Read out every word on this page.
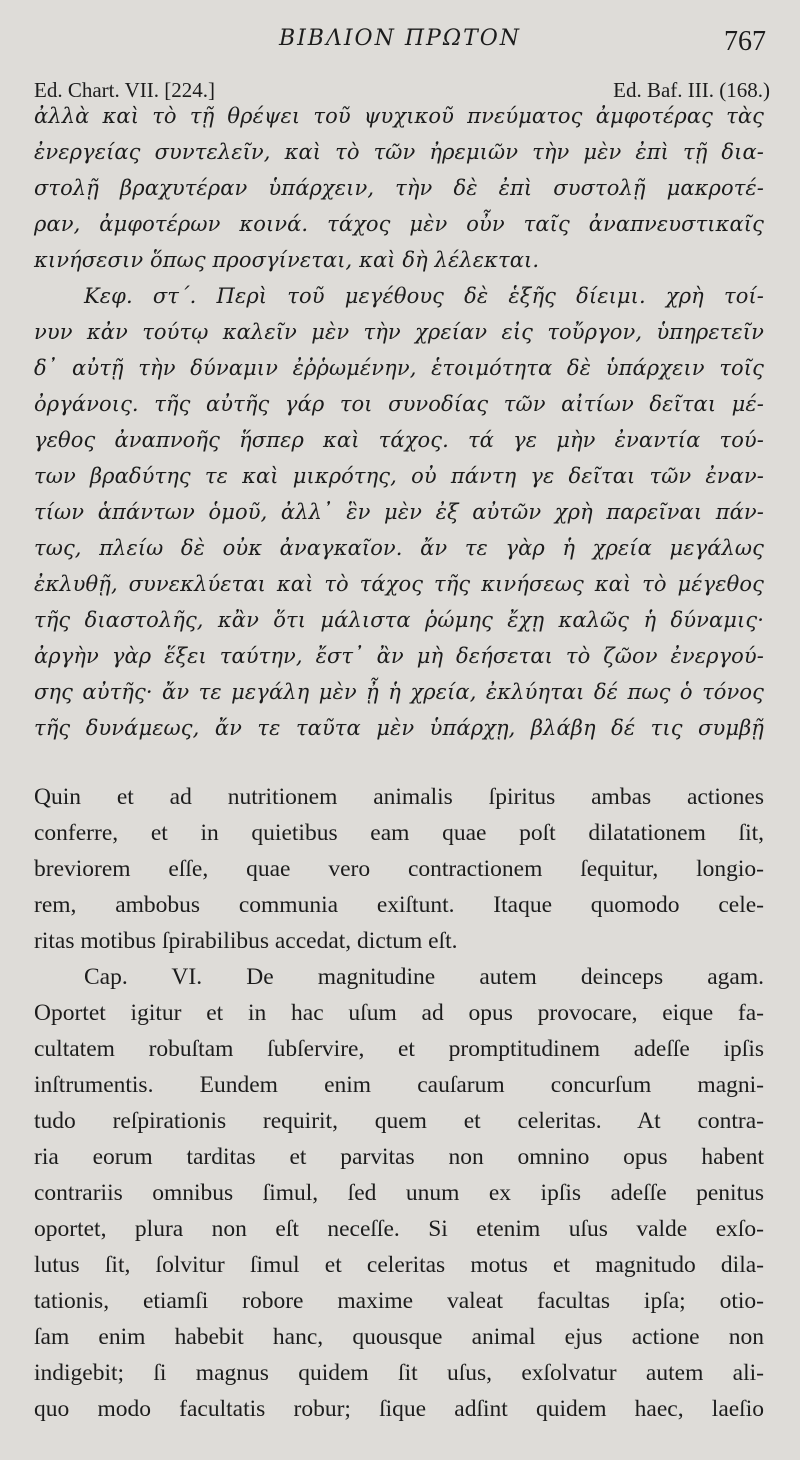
ΒΙΒΛΙΟΝ ΠΡΩΤΟΝ	767
Ed. Chart. VII. [224.]	Ed. Baf. III. (168.)
ἀλλὰ καὶ τὸ τῇ θρέψει τοῦ ψυχικοῦ πνεύματος ἀμφοτέρας τὰς
ἐνεργείας συντελεῖν, καὶ τὸ τῶν ἠρεμιῶν τὴν μὲν ἐπὶ τῇ δια-
στολῇ βραχυτέραν ὑπάρχειν, τὴν δὲ ἐπὶ συστολῇ μακροτέ-
ραν, ἀμφοτέρων κοινά. τάχος μὲν οὖν ταῖς ἀναπνευστικαῖς
κινήσεσιν ὅπως προσγίνεται, καὶ δὴ λέλεκται.
Κεφ. στ΄. Περὶ τοῦ μεγέθους δὲ ἑξῆς δίειμι. χρὴ τοί-
νυν κἀν τούτῳ καλεῖν μὲν τὴν χρείαν εἰς τοὔργον, ὑπηρετεῖν
δ᾽ αὐτῇ τὴν δύναμιν ἐῤῥωμένην, ἑτοιμότητα δὲ ὑπάρχειν τοῖς
ὀργάνοις. τῆς αὐτῆς γάρ τοι συνοδίας τῶν αἰτίων δεῖται μέ-
γεθος ἀναπνοῆς ἥσπερ καὶ τάχος. τά γε μὴν ἐναντία τού-
των βραδύτης τε καὶ μικρότης, οὐ πάντη γε δεῖται τῶν ἐναν-
τίων ἁπάντων ὁμοῦ, ἀλλ᾽ ἓν μὲν ἐξ αὐτῶν χρὴ παρεῖναι πάν-
τως, πλείω δὲ οὐκ ἀναγκαῖον. ἄν τε γὰρ ἡ χρεία μεγάλως
ἐκλυθῇ, συνεκλύεται καὶ τὸ τάχος τῆς κινήσεως καὶ τὸ μέγεθος
τῆς διαστολῆς, κἂν ὅτι μάλιστα ῥώμης ἔχῃ καλῶς ἡ δύναμις·
ἀργὴν γὰρ ἕξει ταύτην, ἔστ᾽ ἂν μὴ δεήσεται τὸ ζῶον ἐνεργού-
σης αὐτῆς· ἄν τε μεγάλη μὲν ᾖ ἡ χρεία, ἐκλύηται δέ πως ὁ τόνος
τῆς δυνάμεως, ἄν τε ταῦτα μὲν ὑπάρχῃ, βλάβη δέ τις συμβῇ
Quin et ad nutritionem animalis ſpiritus ambas actiones
conferre, et in quietibus eam quae poſt dilatationem ſit,
breviorem eſſe, quae vero contractionem ſequitur, longio-
rem, ambobus communia exiſtunt. Itaque quomodo cele-
ritas motibus ſpirabilibus accedat, dictum eſt.
Cap. VI. De magnitudine autem deinceps agam.
Oportet igitur et in hac uſum ad opus provocare, eique fa-
cultatem robuſtam ſubſervire, et promptitudinem adeſſe ipſis
inſtrumentis. Eundem enim cauſarum concurſum magni-
tudo reſpirationis requirit, quem et celeritas. At contra-
ria eorum tarditas et parvitas non omnino opus habent
contrariis omnibus ſimul, ſed unum ex ipſis adeſſe penitus
oportet, plura non eſt neceſſe. Si etenim uſus valde exſo-
lutus ſit, ſolvitur ſimul et celeritas motus et magnitudo dila-
tationis, etiamſi robore maxime valeat facultas ipſa; otio-
ſam enim habebit hanc, quousque animal ejus actione non
indigebit; ſi magnus quidem ſit uſus, exſolvatur autem ali-
quo modo facultatis robur; ſique adſint quidem haec, laeſio
